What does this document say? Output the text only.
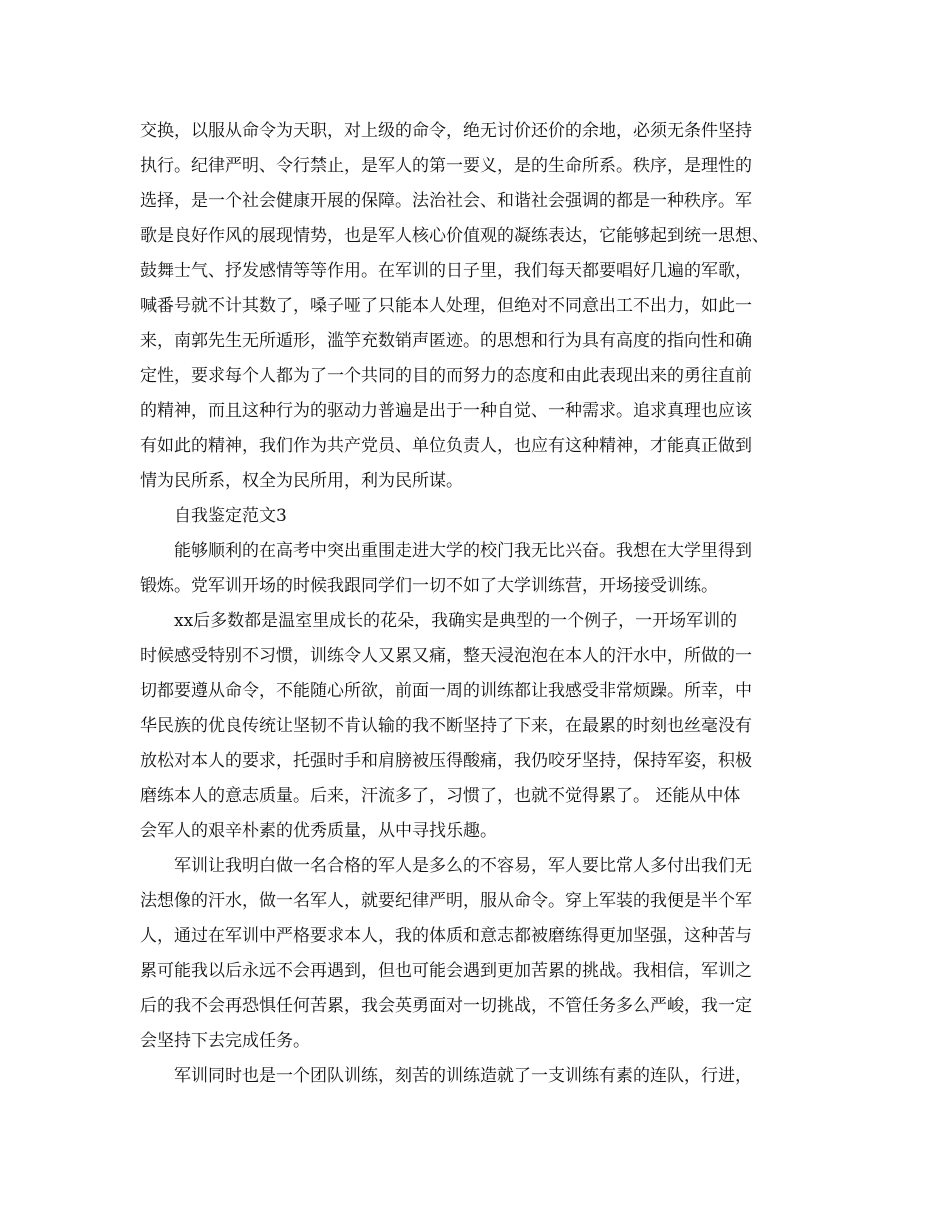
交换，以服从命令为天职，对上级的命令，绝无讨价还价的余地，必须无条件坚持
执行。纪律严明、令行禁止，是军人的第一要义，是的生命所系。秩序，是理性的
选择，是一个社会健康开展的保障。法治社会、和谐社会强调的都是一种秩序。军
歌是良好作风的展现情势，也是军人核心价值观的凝练表达，它能够起到统一思想、
鼓舞士气、抒发感情等等作用。在军训的日子里，我们每天都要唱好几遍的军歌，
喊番号就不计其数了，嗓子哑了只能本人处理，但绝对不同意出工不出力，如此一
来，南郭先生无所遁形，滥竽充数销声匿迹。的思想和行为具有高度的指向性和确
定性，要求每个人都为了一个共同的目的而努力的态度和由此表现出来的勇往直前
的精神，而且这种行为的驱动力普遍是出于一种自觉、一种需求。追求真理也应该
有如此的精神，我们作为共产党员、单位负责人，也应有这种精神，才能真正做到
情为民所系，权全为民所用，利为民所谋。
自我鉴定范文3
能够顺利的在高考中突出重围走进大学的校门我无比兴奋。我想在大学里得到
锻炼。党军训开场的时候我跟同学们一切不如了大学训练营，开场接受训练。
xx后多数都是温室里成长的花朵，我确实是典型的一个例子，一开场军训的
时候感受特别不习惯，训练令人又累又痛，整天浸泡泡在本人的汗水中，所做的一
切都要遵从命令，不能随心所欲，前面一周的训练都让我感受非常烦躁。所幸，中
华民族的优良传统让坚韧不肯认输的我不断坚持了下来，在最累的时刻也丝毫没有
放松对本人的要求，托强时手和肩膀被压得酸痛，我仍咬牙坚持，保持军姿，积极
磨练本人的意志质量。后来，汗流多了，习惯了，也就不觉得累了。 还能从中体
会军人的艰辛朴素的优秀质量，从中寻找乐趣。
军训让我明白做一名合格的军人是多么的不容易，军人要比常人多付出我们无
法想像的汗水，做一名军人，就要纪律严明，服从命令。穿上军装的我便是半个军
人，通过在军训中严格要求本人，我的体质和意志都被磨练得更加坚强，这种苦与
累可能我以后永远不会再遇到，但也可能会遇到更加苦累的挑战。我相信，军训之
后的我不会再恐惧任何苦累，我会英勇面对一切挑战，不管任务多么严峻，我一定
会坚持下去完成任务。
军训同时也是一个团队训练，刻苦的训练造就了一支训练有素的连队，行进，
